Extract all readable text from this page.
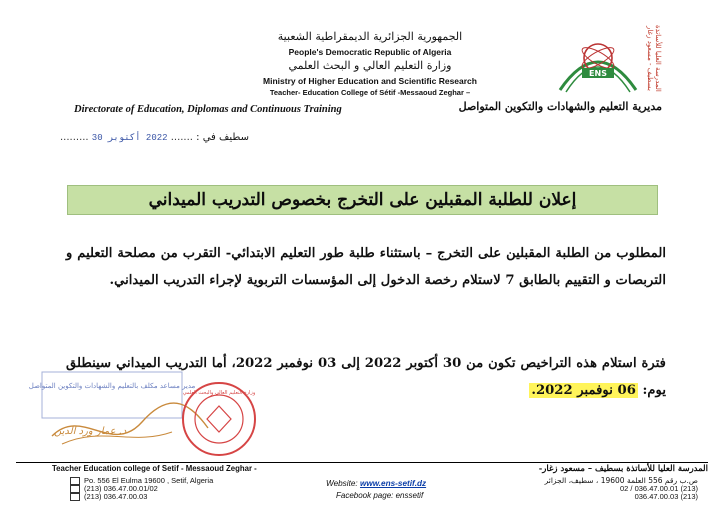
الجمهورية الجزائرية الديمقراطية الشعبية
People's Democratic Republic of Algeria
وزارة التعليم العالي و البحث العلمي
Ministry of Higher Education and Scientific Research
Teacher- Education College of Sétif -Messaoud Zeghar –
ENS	المدرسة العليا للأساتذة بسطيف - مسعود زغار
Directorate of Education, Diplomas and Continuous Training	مديرية التعليم والشهادات والتكوين المتواصل
سطيف في : ....... 2022 أكتوبر 30 .........
إعلان للطلبة المقبلين على التخرج بخصوص التدريب الميداني
المطلوب من الطلبة المقبلين على التخرج – باستثناء طلبة طور التعليم الابتدائي- التقرب من مصلحة التعليم و التربصات و التقييم بالطابق 7 لاستلام رخصة الدخول إلى المؤسسات التربوية لإجراء التدريب الميداني.
فترة استلام هذه التراخيص تكون من 30 أكتوبر 2022 إلى 03 نوفمبر 2022، أما التدريب الميداني سينطلق يوم: 06 نوفمبر 2022.
مدير مساعد مكلف بالتعليم والشهادات والتكوين المتواصل
د. عمار ورد الدين
وزارة التعليم العالي والبحث العلمي
Teacher Education college of Setif - Messaoud Zeghar -
Po. 556 El Eulma 19600 , Setif, Algeria
(213) 036.47.00.01/02
(213) 036.47.00.03
Website: www.ens-setif.dz
Facebook page: enssetif
المدرسة العليا للأساتذة بسطيف – مسعود زغار-
ص.ب رقم 556 العلمة 19600 ، سطيف، الجزائر
(213) 036.47.00.01 / 02
(213) 036.47.00.03
